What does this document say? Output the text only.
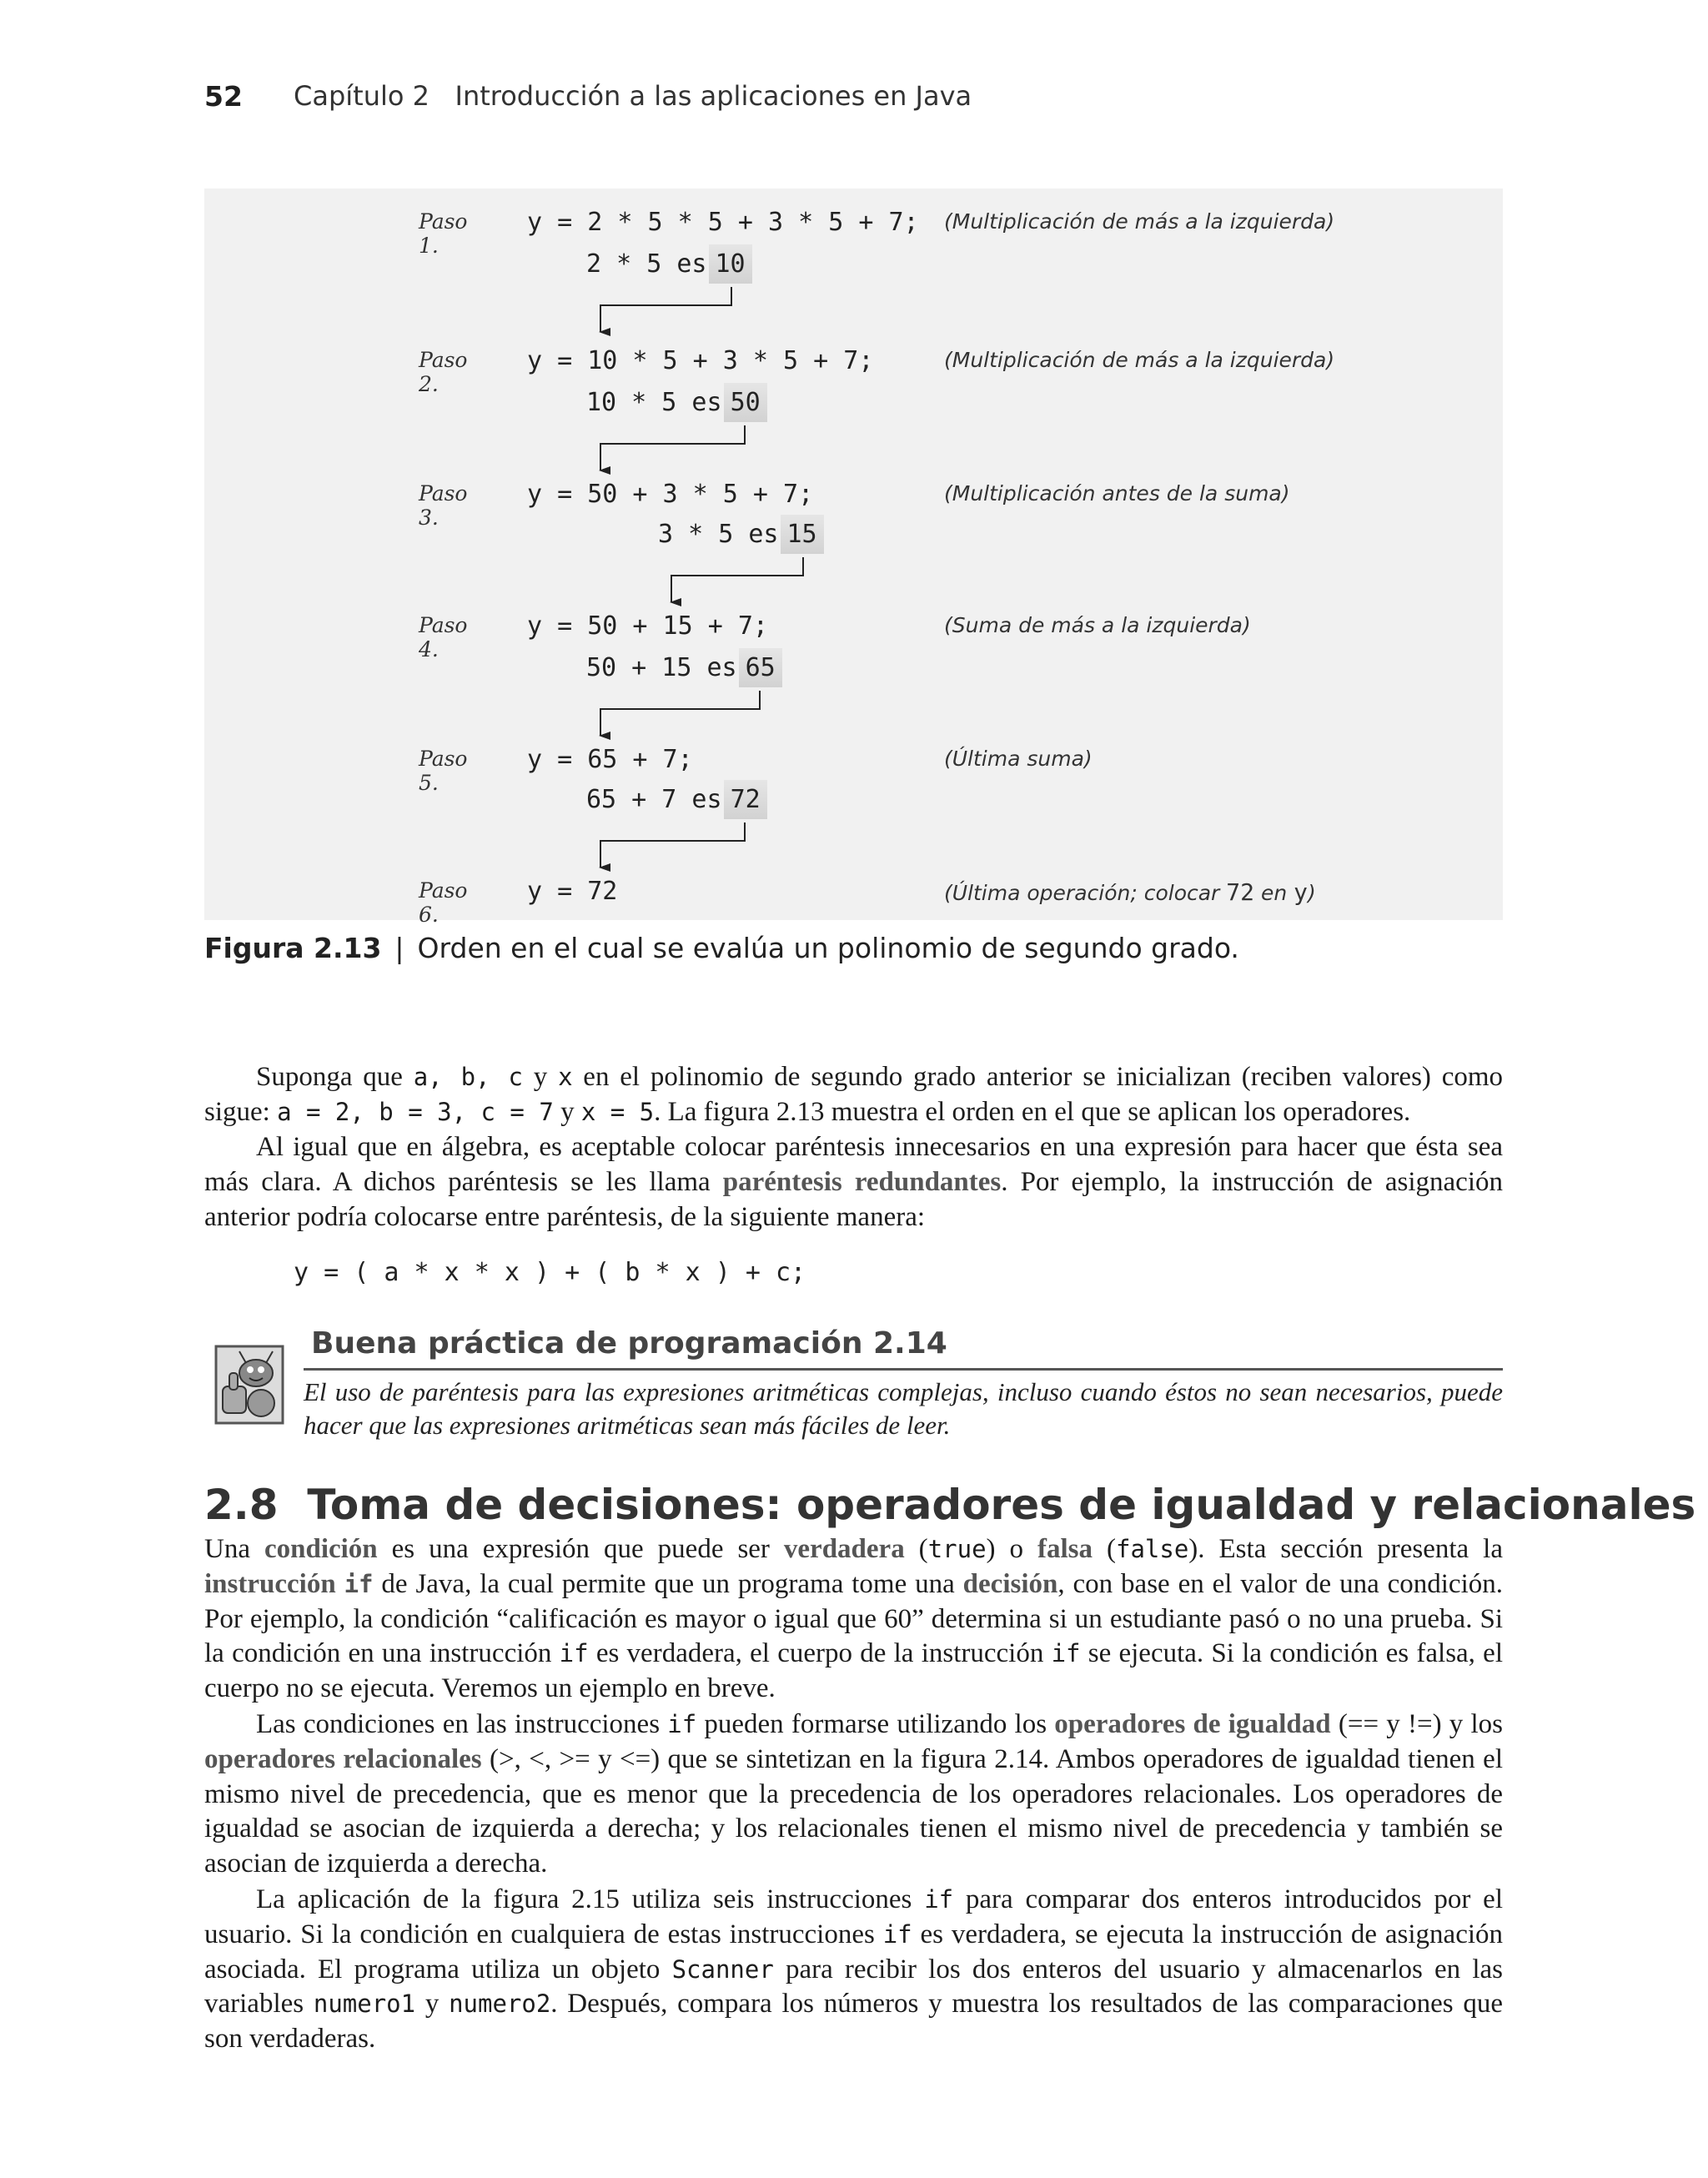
52 Capítulo 2   Introducción a las aplicaciones en Java
Paso 1.
y = 2 * 5 * 5 + 3 * 5 + 7; (Multiplicación de más a la izquierda)
2 * 5 es 10
Paso 2.
y = 10 * 5 + 3 * 5 + 7;	(Multiplicación de más a la izquierda)
10 * 5 es 50
Paso 3.
y = 50 + 3 * 5 + 7;	(Multiplicación antes de la suma)
3 * 5 es 15
Paso 4.
y = 50 + 15 + 7;	(Suma de más a la izquierda)
50 + 15 es 65
Paso 5.
y = 65 + 7;	(Última suma)
65 + 7 es 72
Paso 6.
y = 72	(Última operación; colocar 72 en y)
Figura 2.13 | Orden en el cual se evalúa un polinomio de segundo grado.
Suponga que a, b, c y x en el polinomio de segundo grado anterior se inicializan (reciben valores) como sigue: a = 2, b = 3, c = 7 y x = 5. La figura 2.13 muestra el orden en el que se aplican los operadores.
Al igual que en álgebra, es aceptable colocar paréntesis innecesarios en una expresión para hacer que ésta sea más clara. A dichos paréntesis se les llama paréntesis redundantes. Por ejemplo, la instrucción de asignación anterior podría colocarse entre paréntesis, de la siguiente manera:
y = ( a * x * x ) + ( b * x ) + c;
Buena práctica de programación 2.14
El uso de paréntesis para las expresiones aritméticas complejas, incluso cuando éstos no sean necesarios, puede hacer que las expresiones aritméticas sean más fáciles de leer.
2.8  Toma de decisiones: operadores de igualdad y relacionales
Una condición es una expresión que puede ser verdadera (true) o falsa (false). Esta sección presenta la instrucción if de Java, la cual permite que un programa tome una decisión, con base en el valor de una condición. Por ejemplo, la condición “calificación es mayor o igual que 60” determina si un estudiante pasó o no una prueba. Si la condición en una instrucción if es verdadera, el cuerpo de la instrucción if se ejecuta. Si la condición es falsa, el cuerpo no se ejecuta. Veremos un ejemplo en breve.
Las condiciones en las instrucciones if pueden formarse utilizando los operadores de igualdad (== y !=) y los operadores relacionales (>, <, >= y <=) que se sintetizan en la figura 2.14. Ambos operadores de igualdad tienen el mismo nivel de precedencia, que es menor que la precedencia de los operadores relacionales. Los operadores de igualdad se asocian de izquierda a derecha; y los relacionales tienen el mismo nivel de precedencia y también se asocian de izquierda a derecha.
La aplicación de la figura 2.15 utiliza seis instrucciones if para comparar dos enteros introducidos por el usuario. Si la condición en cualquiera de estas instrucciones if es verdadera, se ejecuta la instrucción de asignación asociada. El programa utiliza un objeto Scanner para recibir los dos enteros del usuario y almacenarlos en las variables numero1 y numero2. Después, compara los números y muestra los resultados de las comparaciones que son verdaderas.
